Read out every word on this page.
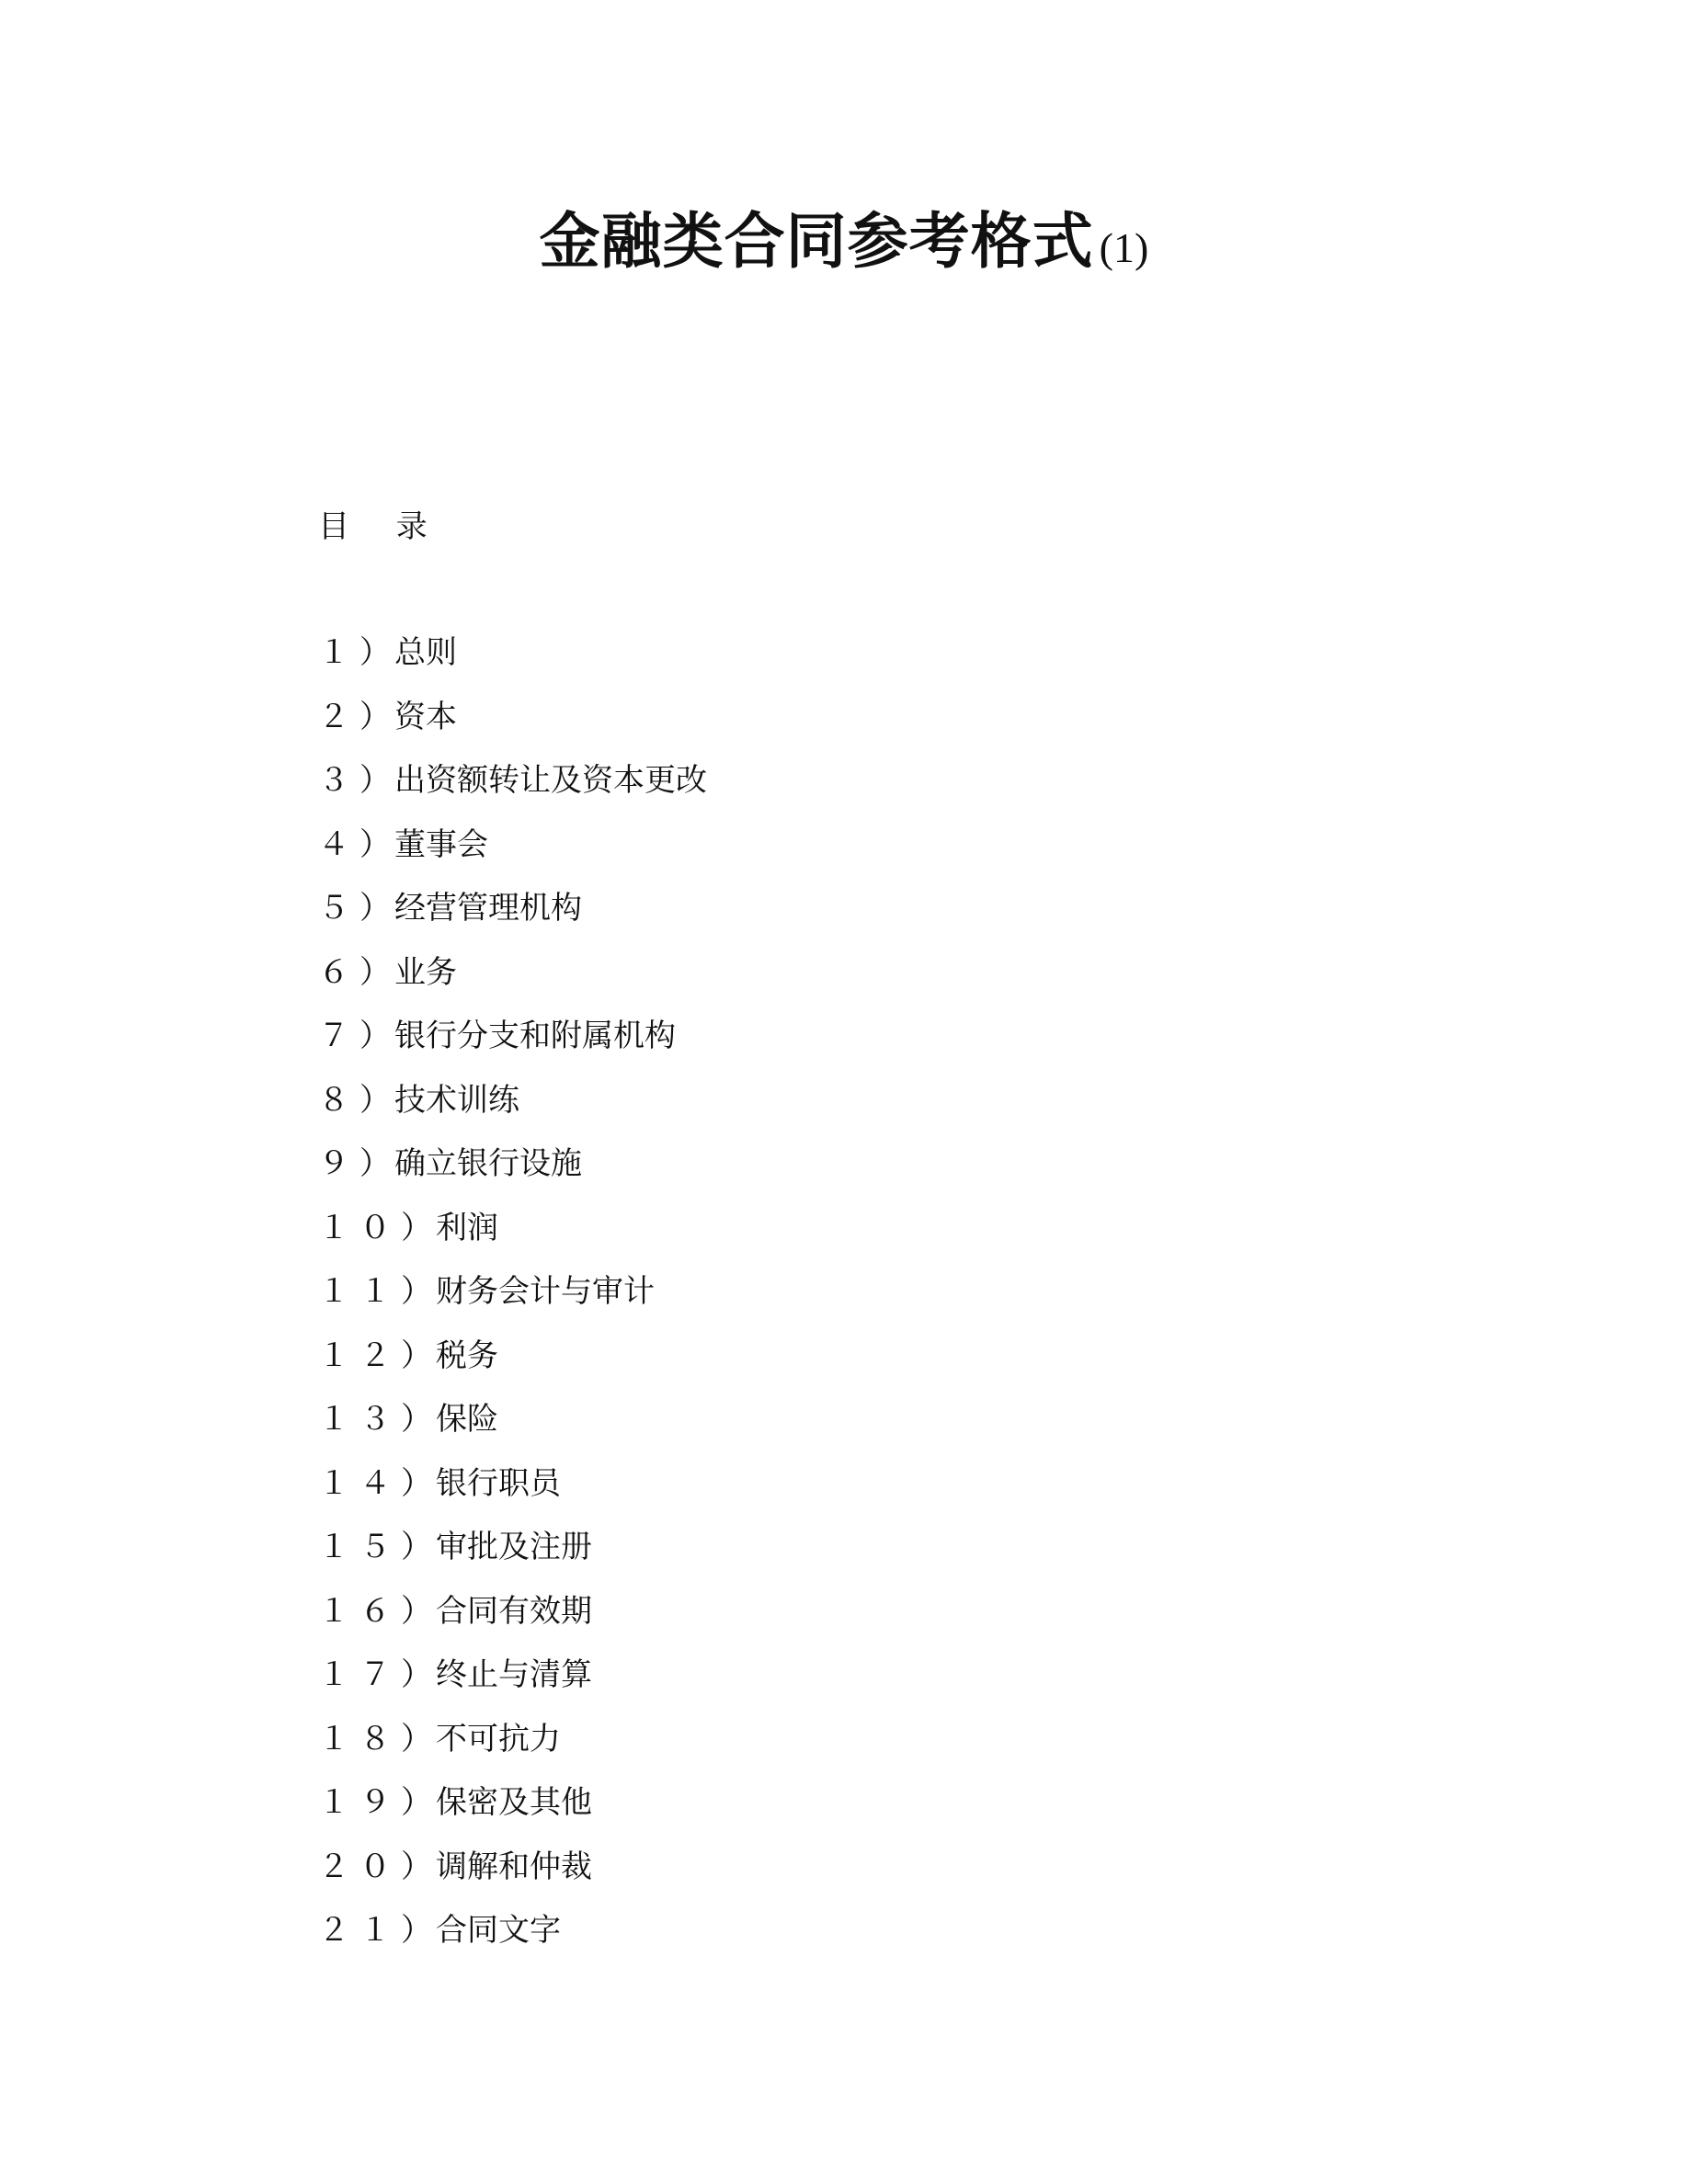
金融类合同参考格式 (1)
目 录
１） 总则
２） 资本
３） 出资额转让及资本更改
４） 董事会
５） 经营管理机构
６） 业务
７） 银行分支和附属机构
８） 技术训练
９） 确立银行设施
１０） 利润
１１） 财务会计与审计
１２） 税务
１３） 保险
１４） 银行职员
１５） 审批及注册
１６） 合同有效期
１７） 终止与清算
１８） 不可抗力
１９） 保密及其他
２０） 调解和仲裁
２１） 合同文字
